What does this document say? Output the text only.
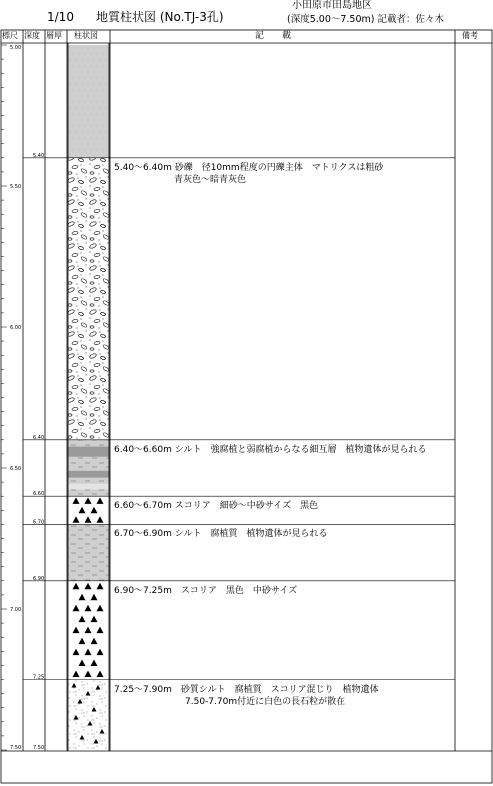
1/10 地質柱状図 (No.TJ-3孔)
小田原市田島地区
(深度5.00～7.50m) 記載者：佐々木
標尺 深度 層厚 柱状図	記　　載	備考
5.00
5.50
6.00
6.50
7.00
7.50
5.40
6.40
6.60
6.70
6.90
7.25
7.50
5.40～6.40m 砂礫　径10mm程度の円礫主体　マトリクスは粗砂
青灰色～暗青灰色
6.40～6.60m シルト　強腐植と弱腐植からなる細互層　植物遺体が見られる
6.60～6.70m スコリア　細砂～中砂サイズ　黒色
6.70～6.90m シルト　腐植質　植物遺体が見られる
6.90～7.25m　スコリア　黒色　中砂サイズ
7.25～7.90m　砂質シルト　腐植質　スコリア混じり　植物遺体
7.50-7.70m付近に白色の長石粒が散在
